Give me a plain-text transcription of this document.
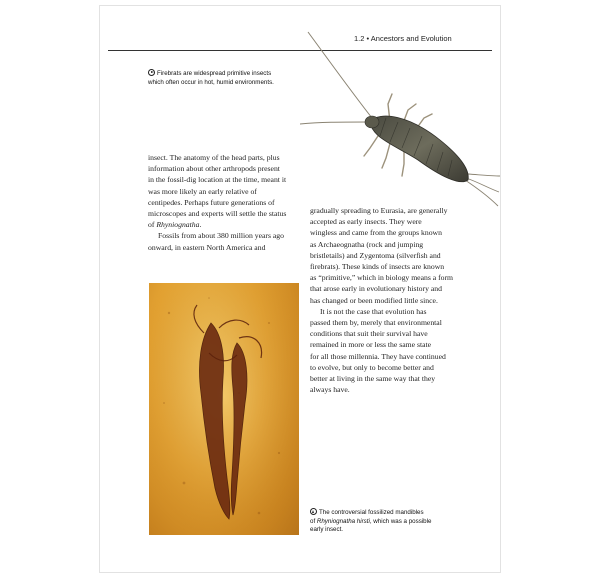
1.2 • Ancestors and Evolution
Firebrats are widespread primitive insects
which often occur in hot, humid environments.

insect. The anatomy of the head parts, plus
information about other arthropods present
in the fossil-dig location at the time, meant it
was more likely an early relative of
centipedes. Perhaps future generations of
microscopes and experts will settle the status
of Rhyniognatha.

Fossils from about 380 million years ago
onward, in eastern North America and

gradually spreading to Eurasia, are generally
accepted as early insects. They were
wingless and came from the groups known
as Archaeognatha (rock and jumping
bristletails) and Zygentoma (silverfish and
firebrats). These kinds of insects are known
as “primitive,” which in biology means a form
that arose early in evolutionary history and
has changed or been modified little since.

It is not the case that evolution has
passed them by, merely that environmental
conditions that suit their survival have
remained in more or less the same state
for all those millennia. They have continued
to evolve, but only to become better and
better at living in the same way that they
always have.

The controversial fossilized mandibles
of Rhyniognatha hirsti, which was a possible
early insect.
